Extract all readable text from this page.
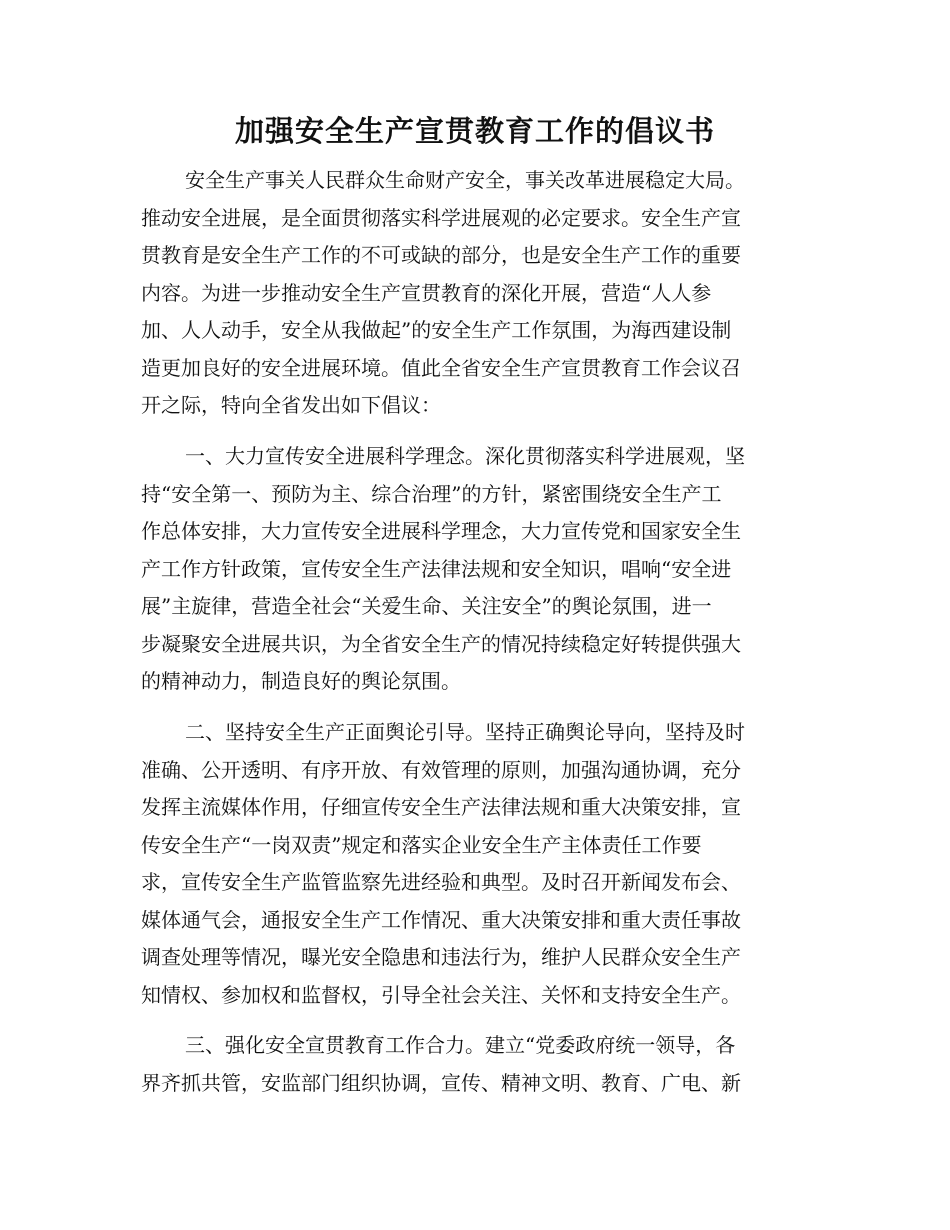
加强安全生产宣贯教育工作的倡议书
安全生产事关人民群众生命财产安全，事关改革进展稳定大局。
推动安全进展，是全面贯彻落实科学进展观的必定要求。安全生产宣
贯教育是安全生产工作的不可或缺的部分，也是安全生产工作的重要
内容。为进一步推动安全生产宣贯教育的深化开展，营造“人人参
加、人人动手，安全从我做起”的安全生产工作氛围，为海西建设制
造更加良好的安全进展环境。值此全省安全生产宣贯教育工作会议召
开之际，特向全省发出如下倡议：
一、大力宣传安全进展科学理念。深化贯彻落实科学进展观，坚
持“安全第一、预防为主、综合治理”的方针，紧密围绕安全生产工
作总体安排，大力宣传安全进展科学理念，大力宣传党和国家安全生
产工作方针政策，宣传安全生产法律法规和安全知识，唱响“安全进
展”主旋律，营造全社会“关爱生命、关注安全”的舆论氛围，进一
步凝聚安全进展共识，为全省安全生产的情况持续稳定好转提供强大
的精神动力，制造良好的舆论氛围。
二、坚持安全生产正面舆论引导。坚持正确舆论导向，坚持及时
准确、公开透明、有序开放、有效管理的原则，加强沟通协调，充分
发挥主流媒体作用，仔细宣传安全生产法律法规和重大决策安排，宣
传安全生产“一岗双责”规定和落实企业安全生产主体责任工作要
求，宣传安全生产监管监察先进经验和典型。及时召开新闻发布会、
媒体通气会，通报安全生产工作情况、重大决策安排和重大责任事故
调查处理等情况，曝光安全隐患和违法行为，维护人民群众安全生产
知情权、参加权和监督权，引导全社会关注、关怀和支持安全生产。
三、强化安全宣贯教育工作合力。建立“党委政府统一领导，各
界齐抓共管，安监部门组织协调，宣传、精神文明、教育、广电、新
